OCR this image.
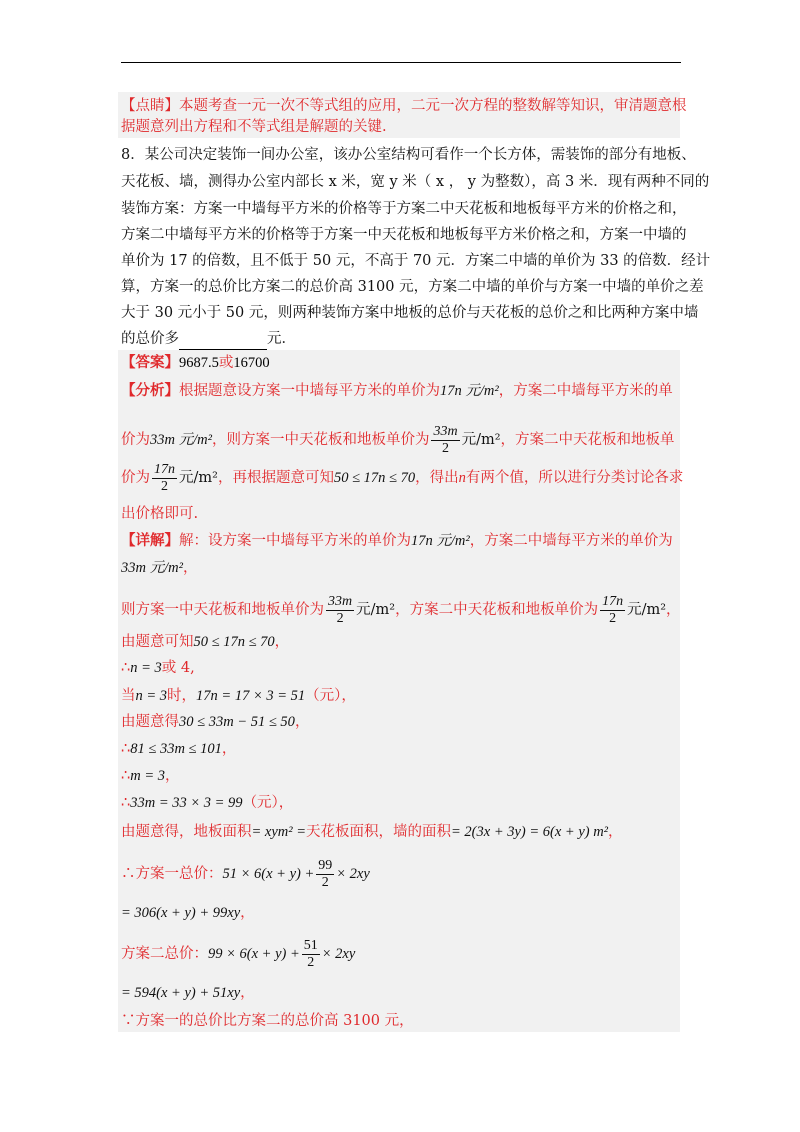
【点睛】本题考查一元一次不等式组的应用，二元一次方程的整数解等知识，审清题意根
据题意列出方程和不等式组是解题的关键.
8．某公司决定装饰一间办公室，该办公室结构可看作一个长方体，需装饰的部分有地板、
天花板、墙，测得办公室内部长 x 米，宽 y 米（ x ， y 为整数），高 3 米．现有两种不同的
装饰方案：方案一中墙每平方米的价格等于方案二中天花板和地板每平方米的价格之和，
方案二中墙每平方米的价格等于方案一中天花板和地板每平方米价格之和，方案一中墙的
单价为 17 的倍数，且不低于 50 元，不高于 70 元．方案二中墙的单价为 33 的倍数．经计
算，方案一的总价比方案二的总价高 3100 元，方案二中墙的单价与方案一中墙的单价之差
大于 30 元小于 50 元，则两种装饰方案中地板的总价与天花板的总价之和比两种方案中墙
的总价多	元．
【答案】9687.5或16700
【分析】根据题意设方案一中墙每平方米的单价为17n 元/m²，方案二中墙每平方米的单
价为33m 元/m²，则方案一中天花板和地板单价为 $\frac{33m}{2}$ 元/m²，方案二中天花板和地板单
价为 $\frac{17n}{2}$ 元/m²，再根据题意可知50 ≤ 17n ≤ 70，得出n有两个值，所以进行分类讨论各求
出价格即可.
【详解】解：设方案一中墙每平方米的单价为17n 元/m²，方案二中墙每平方米的单价为
33m 元/m²，
则方案一中天花板和地板单价为 $\frac{33m}{2}$ 元/m²，方案二中天花板和地板单价为 $\frac{17n}{2}$ 元/m²，
由题意可知50 ≤ 17n ≤ 70，
∴n = 3或 4,
当n = 3时，17n = 17 × 3 = 51（元），
由题意得30 ≤ 33m − 51 ≤ 50，
∴81 ≤ 33m ≤ 101，
∴m = 3，
∴33m = 33 × 3 = 99（元），
由题意得，地板面积= xym² =天花板面积，墙的面积= 2(3x + 3y) = 6(x + y) m²，
∴方案一总价：$51 \times 6(x + y) + \frac{99}{2} \times 2xy$
= 306(x + y) + 99xy，
方案二总价：$99 \times 6(x + y) + \frac{51}{2} \times 2xy$
= 594(x + y) + 51xy，
∵方案一的总价比方案二的总价高 3100 元，
